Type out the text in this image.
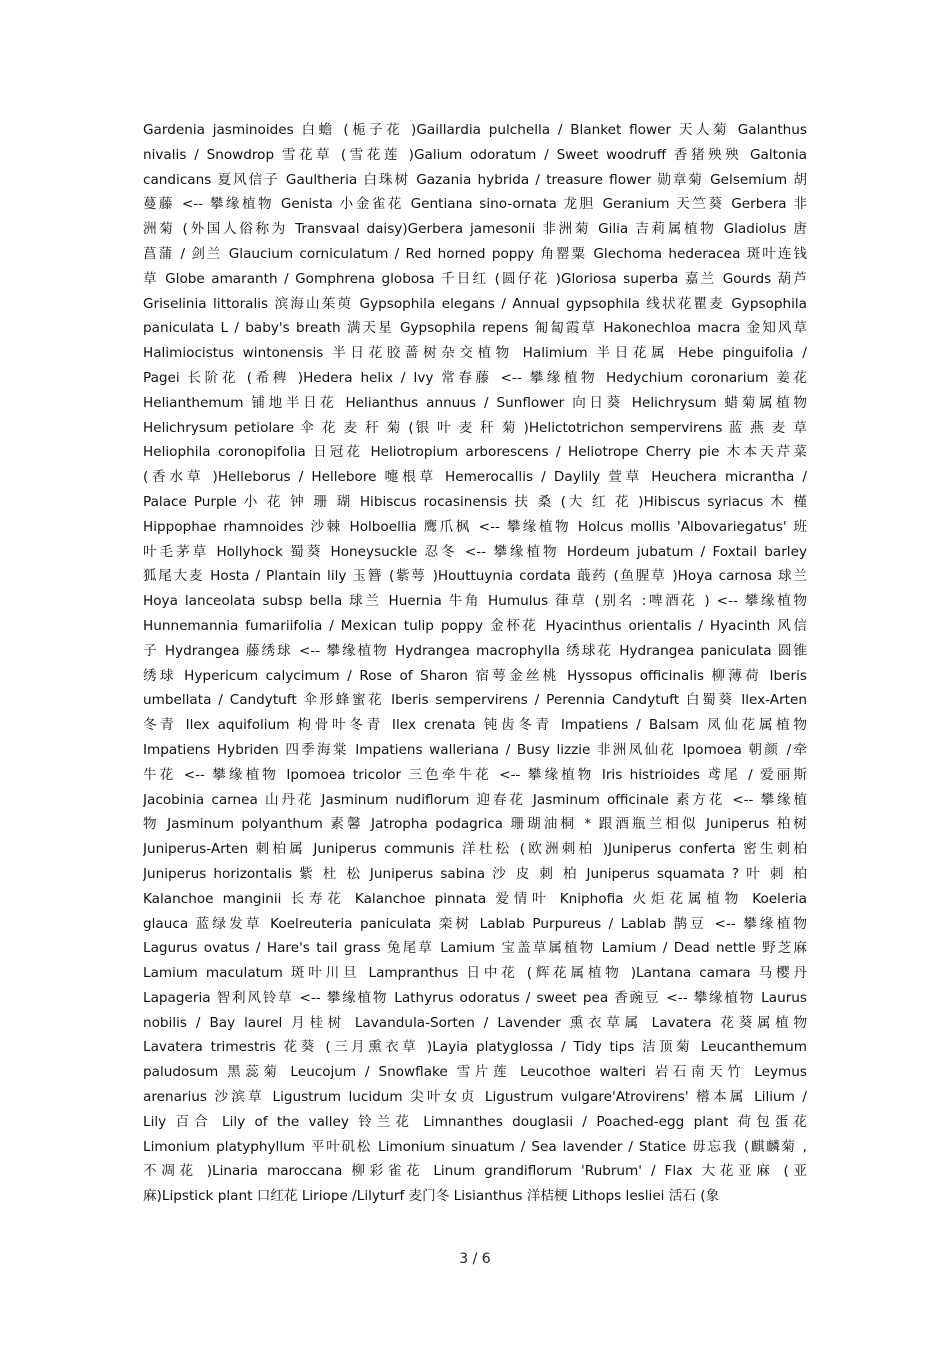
Gardenia jasminoides 白蟾 (栀子花 )Gaillardia pulchella / Blanket flower 天人菊 Galanthus
nivalis / Snowdrop 雪花草 (雪花莲 )Galium odoratum / Sweet woodruff 香猪殃殃 Galtonia
candicans 夏风信子 Gaultheria 白珠树 Gazania hybrida / treasure flower 勋章菊 Gelsemium 胡
蔓藤 <-- 攀缘植物 Genista 小金雀花 Gentiana sino-ornata 龙胆 Geranium 天竺葵 Gerbera 非
洲菊 (外国人俗称为 Transvaal daisy)Gerbera jamesonii 非洲菊 Gilia 吉莉属植物 Gladiolus 唐
菖蒲 / 剑兰 Glaucium corniculatum / Red horned poppy 角罂粟 Glechoma hederacea 斑叶连钱
草 Globe amaranth / Gomphrena globosa 千日红 (圆仔花 )Gloriosa superba 嘉兰 Gourds 葫芦
Griselinia littoralis 滨海山茱萸 Gypsophila elegans / Annual gypsophila 线状花瞿麦 Gypsophila
paniculata L / baby's breath 满天星 Gypsophila repens 匍匐霞草 Hakonechloa macra 金知风草
Halimiocistus wintonensis 半日花胶蔷树杂交植物 Halimium 半日花属 Hebe pinguifolia /
Pagei 长阶花 (希稗 )Hedera helix / Ivy 常春藤 <-- 攀缘植物 Hedychium coronarium 姜花
Helianthemum 铺地半日花 Helianthus annuus / Sunflower 向日葵 Helichrysum 蜡菊属植物
Helichrysum petiolare 伞 花 麦 秆 菊 (银 叶 麦 秆 菊 )Helictotrichon sempervirens 蓝 燕 麦 草
Heliophila coronopifolia 日冠花 Heliotropium arborescens / Heliotrope Cherry pie 木本天芹菜
(香水草 )Helleborus / Hellebore 嚏根草 Hemerocallis / Daylily 萱草 Heuchera micrantha /
Palace Purple 小 花 钟 珊 瑚 Hibiscus rocasinensis 扶 桑 (大 红 花 )Hibiscus syriacus 木 槿
Hippophae rhamnoides 沙棘 Holboellia 鹰爪枫 <-- 攀缘植物 Holcus mollis 'Albovariegatus' 班
叶毛茅草 Hollyhock 蜀葵 Honeysuckle 忍冬 <-- 攀缘植物 Hordeum jubatum / Foxtail barley
狐尾大麦 Hosta / Plantain lily 玉簪 (紫萼 )Houttuynia cordata 蕺药 (鱼腥草 )Hoya carnosa 球兰
Hoya lanceolata subsp bella 球兰 Huernia 牛角 Humulus 葎草 (别名 :啤酒花 ) <-- 攀缘植物
Hunnemannia fumariifolia / Mexican tulip poppy 金杯花 Hyacinthus orientalis / Hyacinth 风信
子 Hydrangea 藤绣球 <-- 攀缘植物 Hydrangea macrophylla 绣球花 Hydrangea paniculata 圆锥
绣球 Hypericum calycimum / Rose of Sharon 宿萼金丝桃 Hyssopus officinalis 柳薄荷 Iberis
umbellata / Candytuft 伞形蜂蜜花 Iberis sempervirens / Perennia Candytuft 白蜀葵 Ilex-Arten
冬青 Ilex aquifolium 枸骨叶冬青 Ilex crenata 钝齿冬青 Impatiens / Balsam 凤仙花属植物
Impatiens Hybriden 四季海棠 Impatiens walleriana / Busy lizzie 非洲凤仙花 Ipomoea 朝颜 /牵
牛花 <-- 攀缘植物 Ipomoea tricolor 三色牵牛花 <-- 攀缘植物 Iris histrioides 鸢尾 / 爱丽斯
Jacobinia carnea 山丹花 Jasminum nudiflorum 迎春花 Jasminum officinale 素方花 <-- 攀缘植
物 Jasminum polyanthum 素馨 Jatropha podagrica 珊瑚油桐 * 跟酒瓶兰相似 Juniperus 柏树
Juniperus-Arten 刺柏属 Juniperus communis 洋杜松 (欧洲刺柏 )Juniperus conferta 密生刺柏
Juniperus horizontalis 紫 杜 松 Juniperus sabina 沙 皮 刺 柏 Juniperus squamata ? 叶 刺 柏
Kalanchoe manginii 长寿花 Kalanchoe pinnata 爱情叶 Kniphofia 火炬花属植物 Koeleria
glauca 蓝绿发草 Koelreuteria paniculata 栾树 Lablab Purpureus / Lablab 鹊豆 <-- 攀缘植物
Lagurus ovatus / Hare's tail grass 兔尾草 Lamium 宝盖草属植物 Lamium / Dead nettle 野芝麻
Lamium maculatum 斑叶川旦 Lampranthus 日中花 (辉花属植物 )Lantana camara 马樱丹
Lapageria 智利风铃草 <-- 攀缘植物 Lathyrus odoratus / sweet pea 香豌豆 <-- 攀缘植物 Laurus
nobilis / Bay laurel 月桂树 Lavandula-Sorten / Lavender 熏衣草属 Lavatera 花葵属植物
Lavatera trimestris 花葵 (三月熏衣草 )Layia platyglossa / Tidy tips 洁顶菊 Leucanthemum
paludosum 黑蕊菊 Leucojum / Snowflake 雪片莲 Leucothoe walteri 岩石南天竹 Leymus
arenarius 沙滨草 Ligustrum lucidum 尖叶女贞 Ligustrum vulgare'Atrovirens' 㯴本属 Lilium /
Lily 百合 Lily of the valley 铃兰花 Limnanthes douglasii / Poached-egg plant 荷包蛋花
Limonium platyphyllum 平叶矶松 Limonium sinuatum / Sea lavender / Statice 毋忘我 (麒麟菊 ,
不凋花 )Linaria maroccana 柳彩雀花 Linum grandiflorum 'Rubrum' / Flax 大花亚麻 (亚
麻)Lipstick plant 口红花 Liriope /Lilyturf 麦门冬 Lisianthus 洋桔梗 Lithops lesliei 活石 (象
3 / 6
